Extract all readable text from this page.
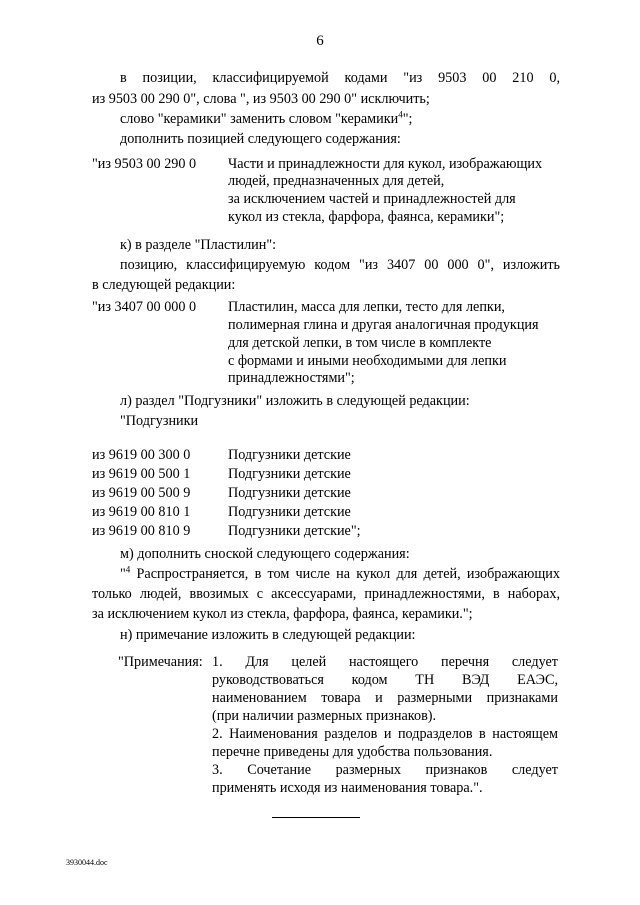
6
в позиции, классифицируемой кодами "из 9503 00 210 0,
из 9503 00 290 0", слова ", из 9503 00 290 0" исключить;
слово "керамики" заменить словом "керамики$^4$";
дополнить позицией следующего содержания:
"из 9503 00 290 0 Части и принадлежности для кукол, изображающих
людей, предназначенных для детей,
за исключением частей и принадлежностей для
кукол из стекла, фарфора, фаянса, керамики";
к) в разделе "Пластилин":
позицию, классифицируемую кодом "из 3407 00 000 0", изложить
в следующей редакции:
"из 3407 00 000 0 Пластилин, масса для лепки, тесто для лепки,
полимерная глина и другая аналогичная продукция
для детской лепки, в том числе в комплекте
с формами и иными необходимыми для лепки
принадлежностями";
л) раздел "Подгузники" изложить в следующей редакции:
"Подгузники
из 9619 00 300 0	Подгузники детские
из 9619 00 500 1	Подгузники детские
из 9619 00 500 9	Подгузники детские
из 9619 00 810 1	Подгузники детские
из 9619 00 810 9	Подгузники детские";
м) дополнить сноской следующего содержания:
"$^4$ Распространяется, в том числе на кукол для детей, изображающих
только людей, ввозимых с аксессуарами, принадлежностями, в наборах,
за исключением кукол из стекла, фарфора, фаянса, керамики.";
н) примечание изложить в следующей редакции:
"Примечания: 1. Для целей настоящего перечня следует
руководствоваться кодом ТН ВЭД ЕАЭС,
наименованием товара и размерными признаками
(при наличии размерных признаков).
2. Наименования разделов и подразделов в настоящем
перечне приведены для удобства пользования.
3. Сочетание размерных признаков следует
применять исходя из наименования товара.".
3930044.doc
